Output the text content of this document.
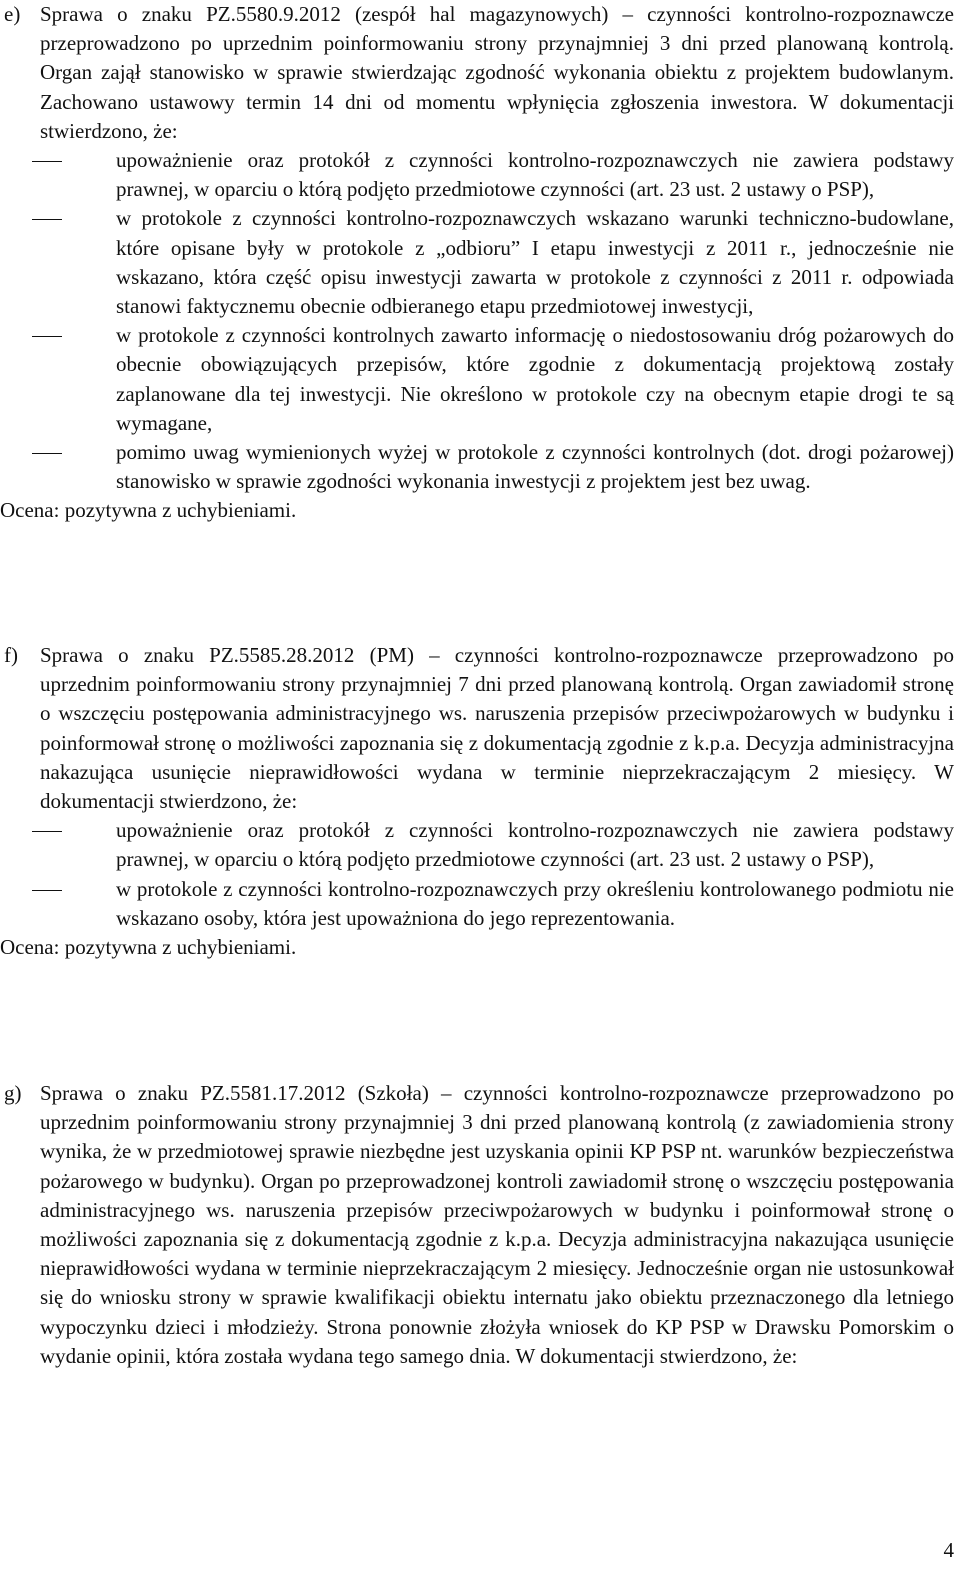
e) Sprawa o znaku PZ.5580.9.2012 (zespół hal magazynowych) – czynności kontrolno-rozpoznawcze przeprowadzono po uprzednim poinformowaniu strony przynajmniej 3 dni przed planowaną kontrolą. Organ zajął stanowisko w sprawie stwierdzając zgodność wykonania obiektu z projektem budowlanym. Zachowano ustawowy termin 14 dni od momentu wpłynięcia zgłoszenia inwestora. W dokumentacji stwierdzono, że:
upoważnienie oraz protokół z czynności kontrolno-rozpoznawczych nie zawiera podstawy prawnej, w oparciu o którą podjęto przedmiotowe czynności (art. 23 ust. 2 ustawy o PSP),
w protokole z czynności kontrolno-rozpoznawczych wskazano warunki techniczno-budowlane, które opisane były w protokole z „odbioru” I etapu inwestycji z 2011 r., jednocześnie nie wskazano, która część opisu inwestycji zawarta w protokole z czynności z 2011 r. odpowiada stanowi faktycznemu obecnie odbieranego etapu przedmiotowej inwestycji,
w protokole z czynności kontrolnych zawarto informację o niedostosowaniu dróg pożarowych do obecnie obowiązujących przepisów, które zgodnie z dokumentacją projektową zostały zaplanowane dla tej inwestycji. Nie określono w protokole czy na obecnym etapie drogi te są wymagane,
pomimo uwag wymienionych wyżej w protokole z czynności kontrolnych (dot. drogi pożarowej) stanowisko w sprawie zgodności wykonania inwestycji z projektem jest bez uwag.
Ocena: pozytywna z uchybieniami.
f) Sprawa o znaku PZ.5585.28.2012 (PM) – czynności kontrolno-rozpoznawcze przeprowadzono po uprzednim poinformowaniu strony przynajmniej 7 dni przed planowaną kontrolą. Organ zawiadomił stronę o wszczęciu postępowania administracyjnego ws. naruszenia przepisów przeciwpożarowych w budynku i poinformował stronę o możliwości zapoznania się z dokumentacją zgodnie z k.p.a. Decyzja administracyjna nakazująca usunięcie nieprawidłowości wydana w terminie nieprzekraczającym 2 miesięcy. W dokumentacji stwierdzono, że:
upoważnienie oraz protokół z czynności kontrolno-rozpoznawczych nie zawiera podstawy prawnej, w oparciu o którą podjęto przedmiotowe czynności (art. 23 ust. 2 ustawy o PSP),
w protokole z czynności kontrolno-rozpoznawczych przy określeniu kontrolowanego podmiotu nie wskazano osoby, która jest upoważniona do jego reprezentowania.
Ocena: pozytywna z uchybieniami.
g) Sprawa o znaku PZ.5581.17.2012 (Szkoła) – czynności kontrolno-rozpoznawcze przeprowadzono po uprzednim poinformowaniu strony przynajmniej 3 dni przed planowaną kontrolą (z zawiadomienia strony wynika, że w przedmiotowej sprawie niezbędne jest uzyskania opinii KP PSP nt. warunków bezpieczeństwa pożarowego w budynku). Organ po przeprowadzonej kontroli zawiadomił stronę o wszczęciu postępowania administracyjnego ws. naruszenia przepisów przeciwpożarowych w budynku i poinformował stronę o możliwości zapoznania się z dokumentacją zgodnie z k.p.a. Decyzja administracyjna nakazująca usunięcie nieprawidłowości wydana w terminie nieprzekraczającym 2 miesięcy. Jednocześnie organ nie ustosunkował się do wniosku strony w sprawie kwalifikacji obiektu internatu jako obiektu przeznaczonego dla letniego wypoczynku dzieci i młodzieży. Strona ponownie złożyła wniosek do KP PSP w Drawsku Pomorskim o wydanie opinii, która została wydana tego samego dnia. W dokumentacji stwierdzono, że:
4
